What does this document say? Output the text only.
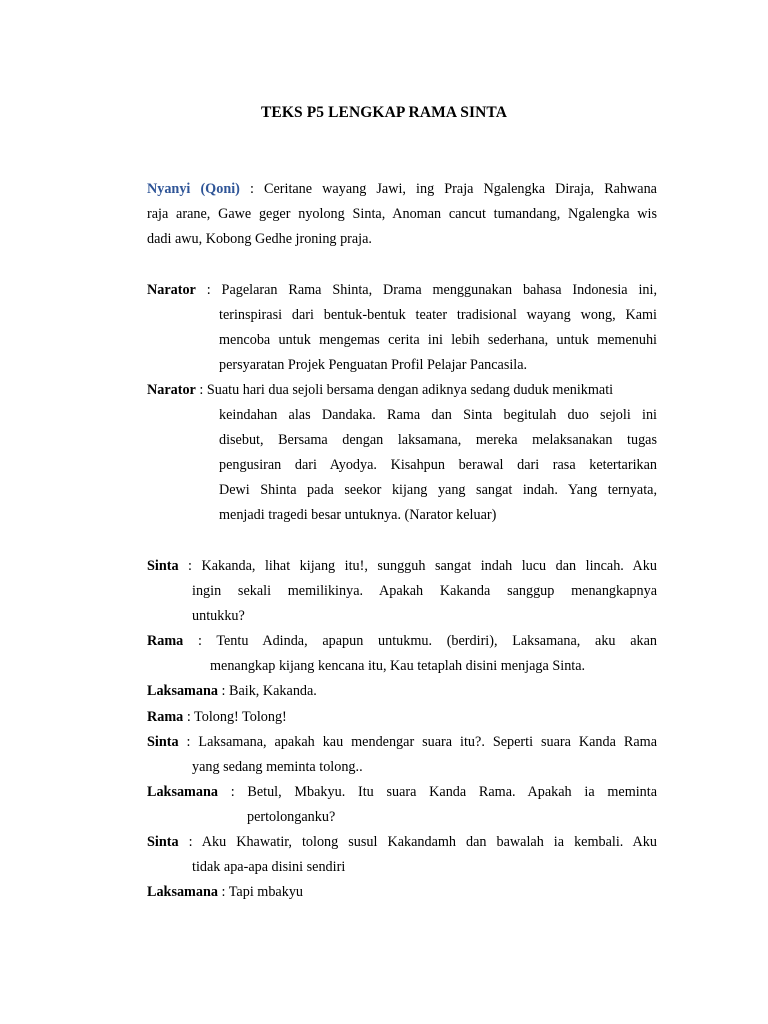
TEKS P5 LENGKAP RAMA SINTA
Nyanyi (Qoni) : Ceritane wayang Jawi, ing Praja Ngalengka Diraja, Rahwana
raja arane, Gawe geger nyolong Sinta, Anoman cancut tumandang, Ngalengka wis
dadi awu, Kobong Gedhe jroning praja.
Narator : Pagelaran Rama Shinta, Drama menggunakan bahasa Indonesia ini,
terinspirasi dari bentuk-bentuk teater tradisional wayang wong, Kami
mencoba untuk mengemas cerita ini lebih sederhana, untuk memenuhi
persyaratan Projek Penguatan Profil Pelajar Pancasila.
Narator : Suatu hari dua sejoli bersama dengan adiknya sedang duduk menikmati
keindahan alas Dandaka. Rama dan Sinta begitulah duo sejoli ini
disebut, Bersama dengan laksamana, mereka melaksanakan tugas
pengusiran dari Ayodya. Kisahpun berawal dari rasa ketertarikan
Dewi Shinta pada seekor kijang yang sangat indah. Yang ternyata,
menjadi tragedi besar untuknya. (Narator keluar)
Sinta : Kakanda, lihat kijang itu!, sungguh sangat indah lucu dan lincah. Aku
ingin sekali memilikinya. Apakah Kakanda sanggup menangkapnya
untukku?
Rama : Tentu Adinda, apapun untukmu. (berdiri), Laksamana, aku akan
menangkap kijang kencana itu, Kau tetaplah disini menjaga Sinta.
Laksamana : Baik, Kakanda.
Rama : Tolong! Tolong!
Sinta : Laksamana, apakah kau mendengar suara itu?. Seperti suara Kanda Rama
yang sedang meminta tolong..
Laksamana : Betul, Mbakyu. Itu suara Kanda Rama. Apakah ia meminta
pertolonganku?
Sinta : Aku Khawatir, tolong susul Kakandamh dan bawalah ia kembali. Aku
tidak apa-apa disini sendiri
Laksamana : Tapi mbakyu
